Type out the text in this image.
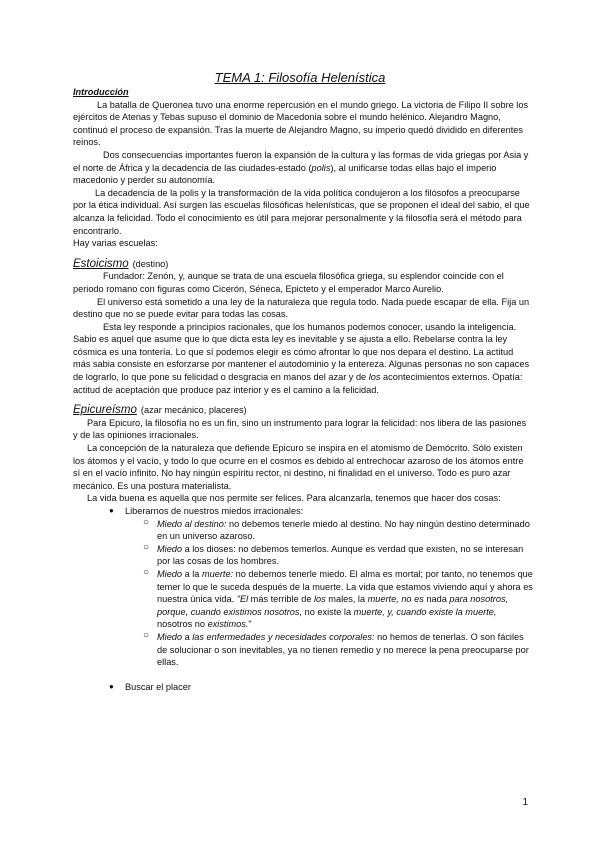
TEMA 1: Filosofía Helenística
Introducción

La batalla de Queronea tuvo una enorme repercusión en el mundo griego. La victoria de Filipo II sobre los ejércitos de Atenas y Tebas supuso el dominio de Macedonia sobre el mundo helénico. Alejandro Magno, continuó el proceso de expansión. Tras la muerte de Alejandro Magno, su imperio quedó dividido en diferentes reinos.

Dos consecuencias importantes fueron la expansión de la cultura y las formas de vida griegas por Asia y el norte de África y la decadencia de las ciudades-estado (polis), al unificarse todas ellas bajo el imperio macedonio y perder su autonomía.

La decadencia de la polis y la transformación de la vida política condujeron a los filósofos a preocuparse por la ética individual. Así surgen las escuelas filosóficas helenísticas, que se proponen el ideal del sabio, el que alcanza la felicidad. Todo el conocimiento es útil para mejorar personalmente y la filosofía será el método para encontrarlo.

Hay varias escuelas:

Estoicismo (destino)

Fundador: Zenón, y, aunque se trata de una escuela filosófica griega, su esplendor coincide con el periodo romano con figuras como Cicerón, Séneca, Epicteto y el emperador Marco Aurelio.

El universo está sometido a una ley de la naturaleza que regula todo. Nada puede escapar de ella. Fija un destino que no se puede evitar para todas las cosas.

Esta ley responde a principios racionales, que los humanos podemos conocer, usando la inteligencia. Sabio es aquel que asume que lo que dicta esta ley es inevitable y se ajusta a ello. Rebelarse contra la ley cósmica es una tontería. Lo que sí podemos elegir es cómo afrontar lo que nos depara el destino. La actitud más sabia consiste en esforzarse por mantener el autodominio y la entereza. Algunas personas no son capaces de lograrlo, lo que pone su felicidad o desgracia en manos del azar y de los acontecimientos externos. Opatía: actitud de aceptación que produce paz interior y es el camino a la felicidad.

Epicureísmo (azar mecánico, placeres)

Para Epicuro, la filosofía no es un fin, sino un instrumento para lograr la felicidad: nos libera de las pasiones y de las opiniones irracionales.

La concepción de la naturaleza que defiende Epicuro se inspira en el atomismo de Demócrito. Sólo existen los átomos y el vacío, y todo lo que ocurre en el cosmos es debido al entrechocar azaroso de los átomos entre sí en el vacío infinito. No hay ningún espíritu rector, ni destino, ni finalidad en el universo. Todo es puro azar mecánico. Es una postura materialista.

La vida buena es aquella que nos permite ser felices. Para alcanzarla, tenemos que hacer dos cosas:

● Liberarnos de nuestros miedos irracionales:
○ Miedo al destino: no debemos tenerle miedo al destino. No hay ningún destino determinado en un universo azaroso.
○ Miedo a los dioses: no debemos temerlos. Aunque es verdad que existen, no se interesan por las cosas de los hombres.
○ Miedo a la muerte: no debemos tenerle miedo. El alma es mortal; por tanto, no tenemos que temer lo que le suceda después de la muerte. La vida que estamos viviendo aquí y ahora es nuestra única vida. "El más terrible de los males, la muerte, no es nada para nosotros, porque, cuando existimos nosotros, no existe la muerte, y, cuando existe la muerte, nosotros no existimos."
○ Miedo a las enfermedades y necesidades corporales: no hemos de tenerlas. O son fáciles de solucionar o son inevitables, ya no tienen remedio y no merece la pena preocuparse por ellas.
● Buscar el placer
1
